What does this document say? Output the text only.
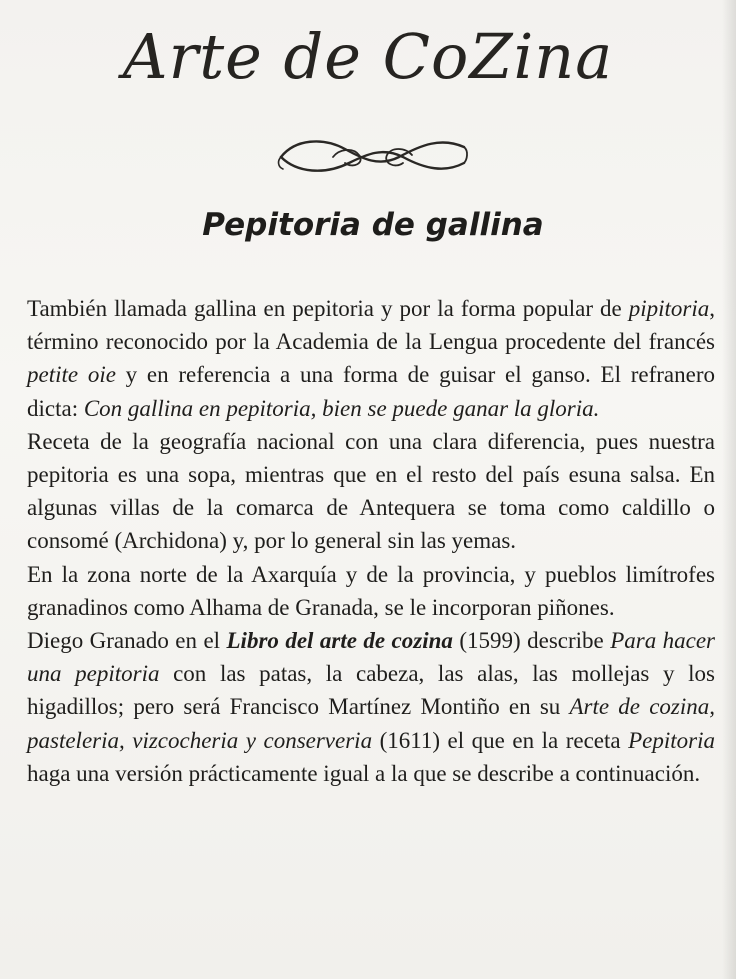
Arte de CoZina
Pepitoria de gallina

También llamada gallina en pepitoria y por la forma popular de pipitoria, término reconocido por la Academia de la Lengua procedente del francés petite oie y en referencia a una forma de guisar el ganso. El refranero dicta: Con gallina en pepitoria, bien se puede ganar la gloria.

Receta de la geografía nacional con una clara diferencia, pues nuestra pepitoria es una sopa, mientras que en el resto del país esuna salsa. En algunas villas de la comarca de Antequera se toma como caldillo o consomé (Archidona) y, por lo general sin las yemas.

En la zona norte de la Axarquía y de la provincia, y pueblos limítrofes granadinos como Alhama de Granada, se le incorporan piñones.

Diego Granado en el Libro del arte de cozina (1599) describe Para hacer una pepitoria con las patas, la cabeza, las alas, las mollejas y los higadillos; pero será Francisco Martínez Montiño en su Arte de cozina, pasteleria, vizcocheria y conserveria (1611) el que en la receta Pepitoria haga una versión prácticamente igual a la que se describe a continuación.
